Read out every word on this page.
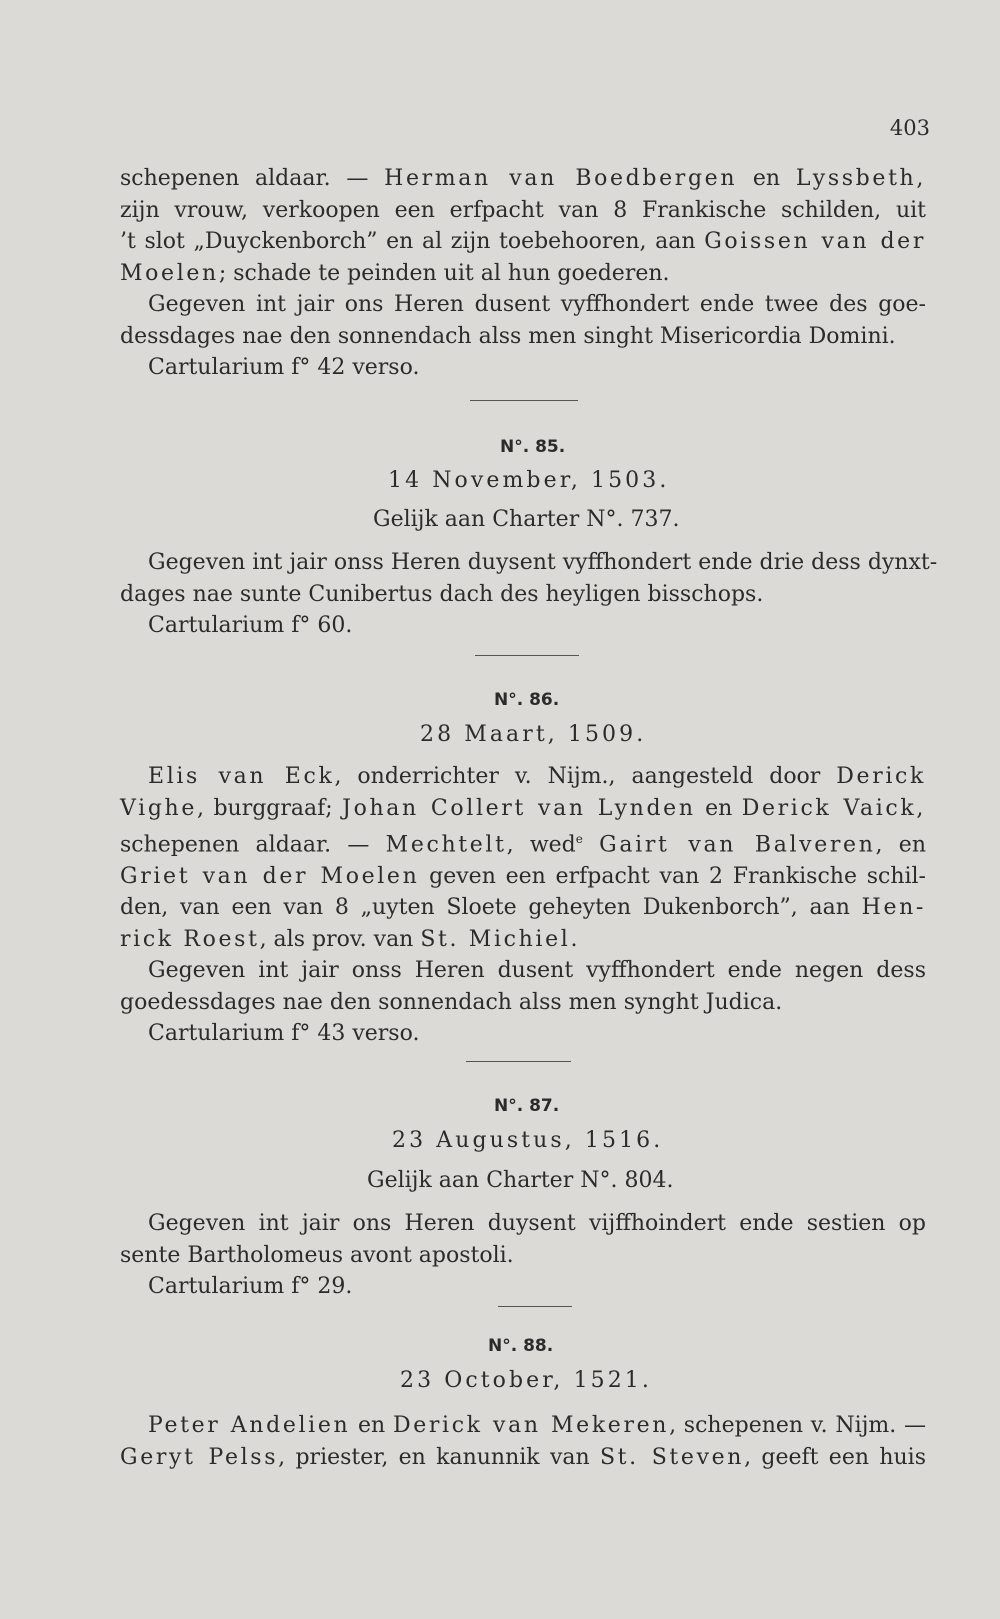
403
schepenen aldaar. — Herman van Boedbergen en Lyssbeth,
zijn vrouw, verkoopen een erfpacht van 8 Frankische schilden, uit
’t slot „Duyckenborch” en al zijn toebehooren, aan Goissen van der
Moelen; schade te peinden uit al hun goederen.
Gegeven int jair ons Heren dusent vyffhondert ende twee des goe-
dessdages nae den sonnendach alss men singht Misericordia Domini.
Cartularium f° 42 verso.
N°. 85.
14 November, 1503.
Gelijk aan Charter N°. 737.
Gegeven int jair onss Heren duysent vyffhondert ende drie dess dynxt-
dages nae sunte Cunibertus dach des heyligen bisschops.
Cartularium f° 60.
N°. 86.
28 Maart, 1509.
Elis van Eck, onderrichter v. Nijm., aangesteld door Derick
Vighe, burggraaf; Johan Collert van Lynden en Derick Vaick,
schepenen aldaar. — Mechtelt, wed$^e$ Gairt van Balveren, en
Griet van der Moelen geven een erfpacht van 2 Frankische schil-
den, van een van 8 „uyten Sloete geheyten Dukenborch”, aan Hen-
rick Roest, als prov. van St. Michiel.
Gegeven int jair onss Heren dusent vyffhondert ende negen dess
goedessdages nae den sonnendach alss men synght Judica.
Cartularium f° 43 verso.
N°. 87.
23 Augustus, 1516.
Gelijk aan Charter N°. 804.
Gegeven int jair ons Heren duysent vijffhoindert ende sestien op
sente Bartholomeus avont apostoli.
Cartularium f° 29.
N°. 88.
23 October, 1521.
Peter Andelien en Derick van Mekeren, schepenen v. Nijm. —
Geryt Pelss, priester, en kanunnik van St. Steven, geeft een huis
